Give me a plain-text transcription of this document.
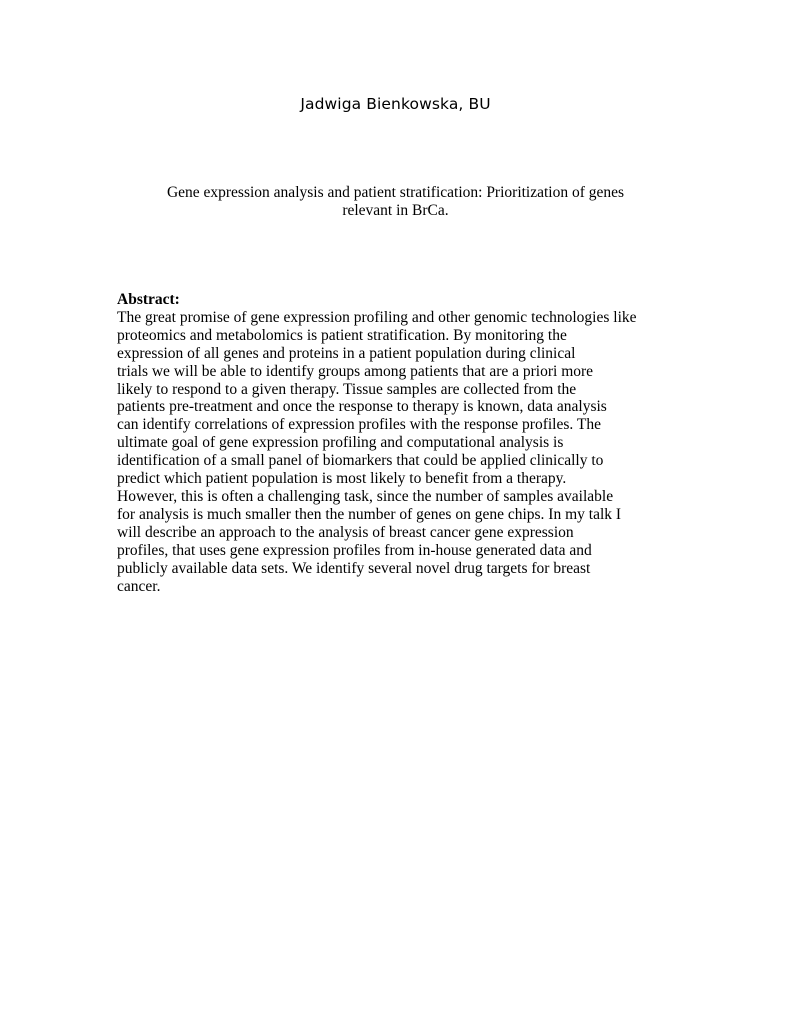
Jadwiga Bienkowska, BU
Gene expression analysis and patient stratification: Prioritization of genes
relevant in BrCa.
Abstract:
The great promise of gene expression profiling and other genomic technologies like
proteomics and metabolomics is patient stratification. By monitoring the
expression of all genes and proteins in a patient population during clinical
trials we will be able to identify groups among patients that are a priori more
likely to respond to a given therapy. Tissue samples are collected from the
patients pre-treatment and once the response to therapy is known, data analysis
can identify correlations of expression profiles with the response profiles. The
ultimate goal of gene expression profiling and computational analysis is
identification of a small panel of biomarkers that could be applied clinically to
predict which patient population is most likely to benefit from a therapy.
However, this is often a challenging task, since the number of samples available
for analysis is much smaller then the number of genes on gene chips. In my talk I
will describe an approach to the analysis of breast cancer gene expression
profiles, that uses gene expression profiles from in-house generated data and
publicly available data sets. We identify several novel drug targets for breast
cancer.
